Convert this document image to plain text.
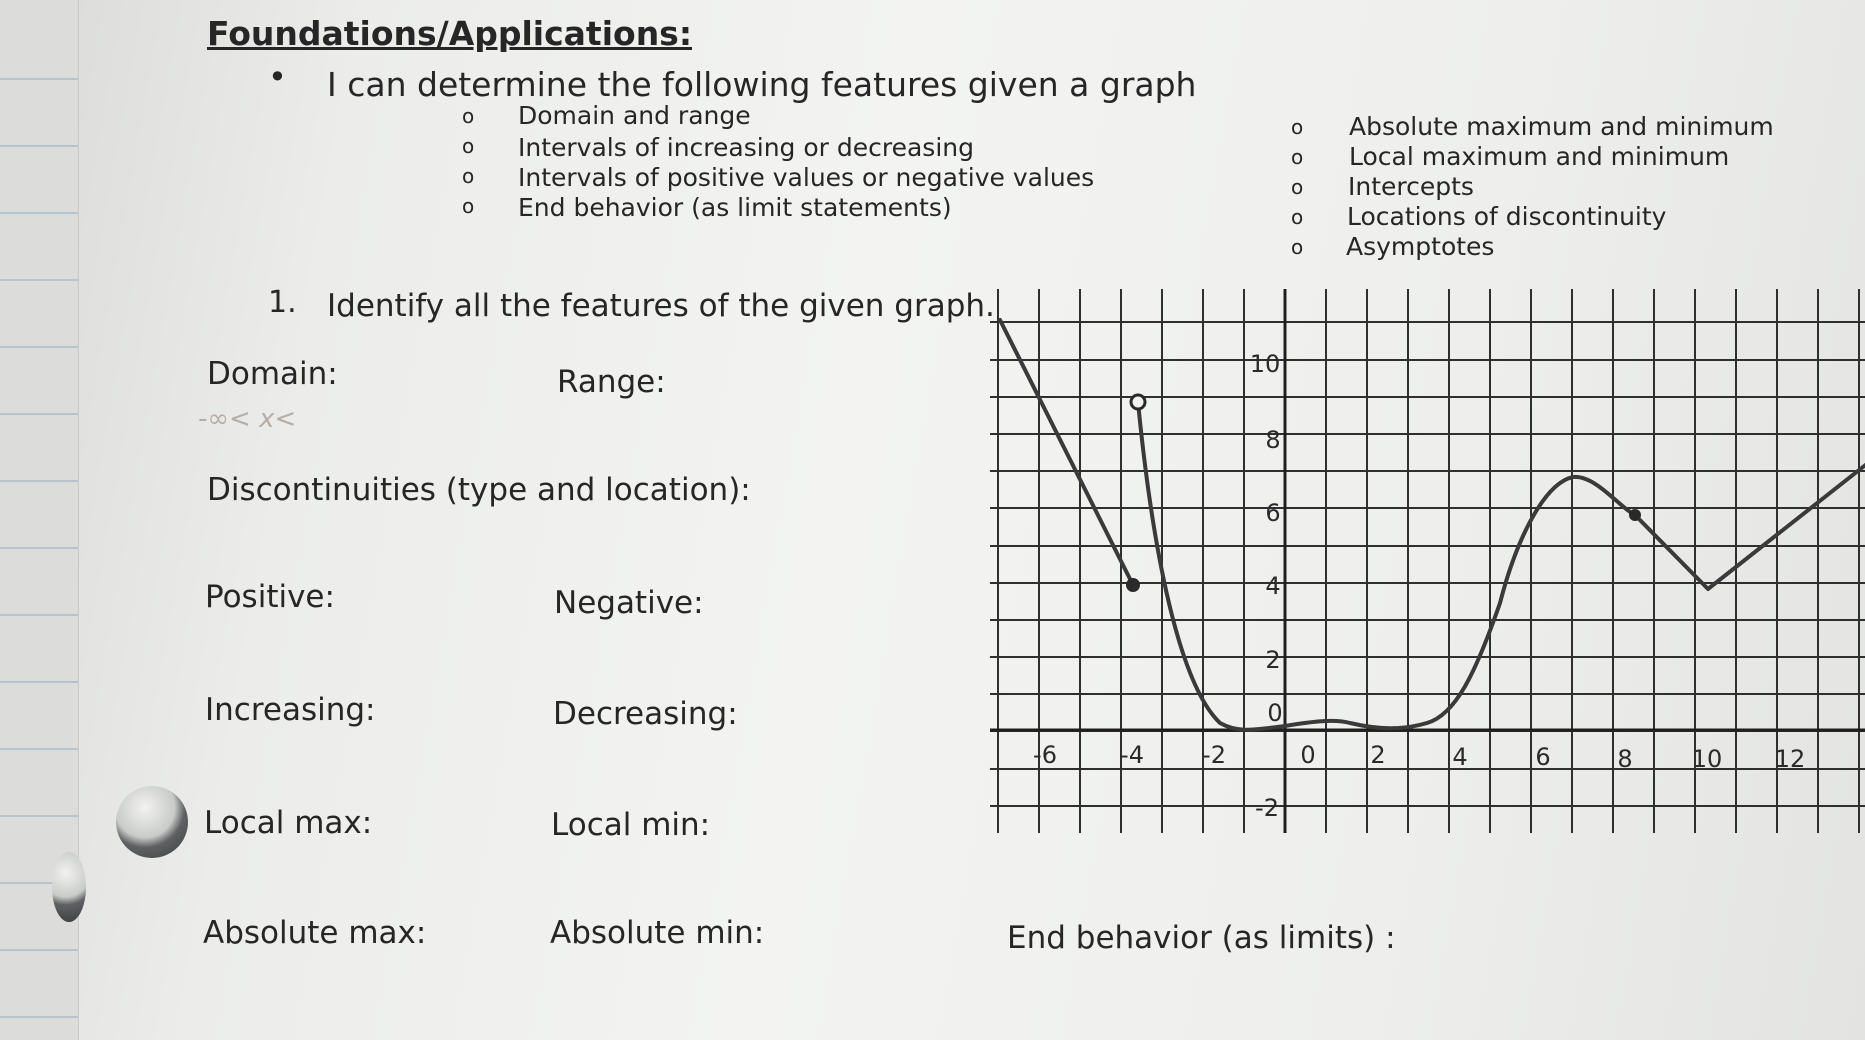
Foundations/Applications:
• I can determine the following features given a graph
o Domain and range
o Intervals of increasing or decreasing
o Intervals of positive values or negative values
o End behavior (as limit statements)
o Absolute maximum and minimum
o Local maximum and minimum
o Intercepts
o Locations of discontinuity
o Asymptotes
1. Identify all the features of the given graph.
Domain:	Range:
-∞< x<
Discontinuities (type and location):
Positive:	Negative:
Increasing:	Decreasing:
Local max:	Local min:
Absolute max:	Absolute min:	End behavior (as limits) :
-6	-4 -2	0 2	4	6	8 10 12
10
8
6
4
2
0
-2
